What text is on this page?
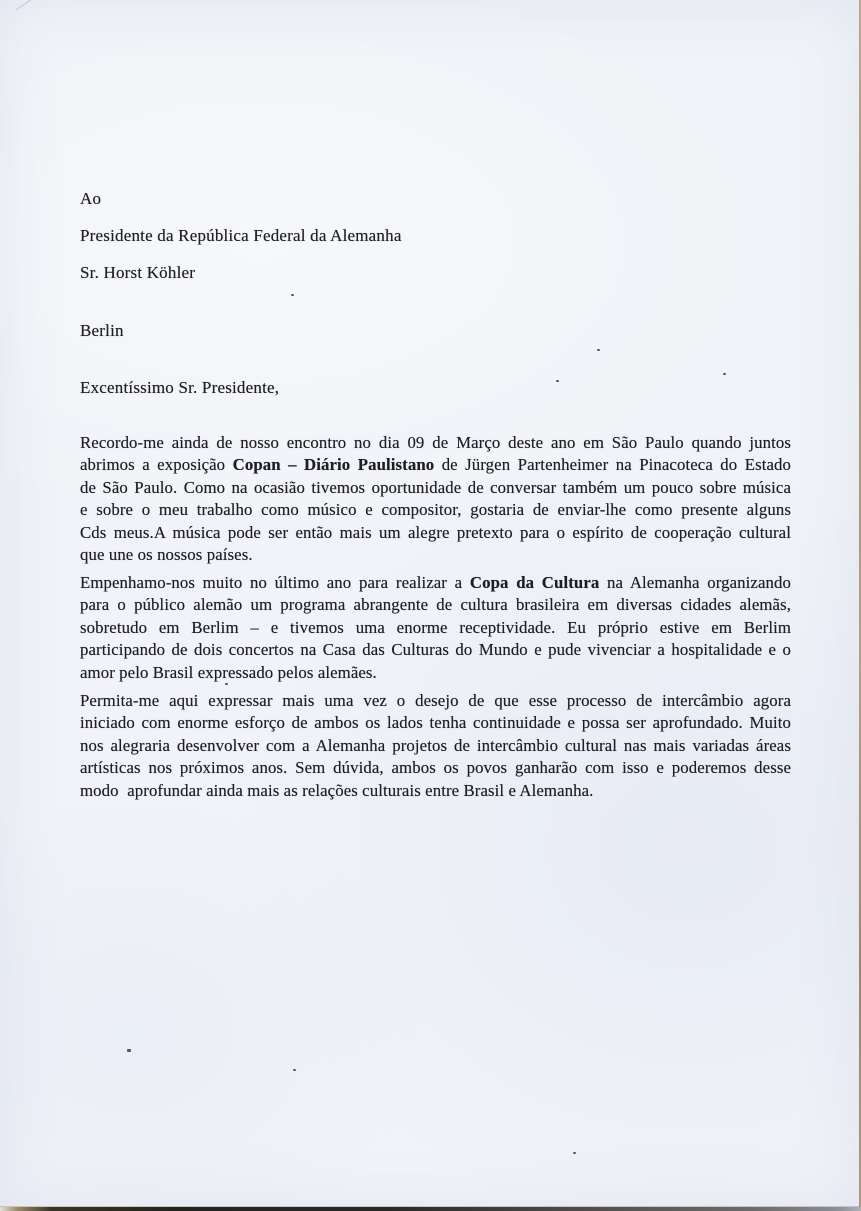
Ao
Presidente da República Federal da Alemanha
Sr. Horst Köhler
Berlin
Excentíssimo Sr. Presidente,
Recordo-me ainda de nosso encontro no dia 09 de Março deste ano em São Paulo quando juntos
abrimos a exposição Copan – Diário Paulistano de Jürgen Partenheimer na Pinacoteca do Estado
de São Paulo. Como na ocasião tivemos oportunidade de conversar também um pouco sobre música
e sobre o meu trabalho como músico e compositor, gostaria de enviar-lhe como presente alguns
Cds meus.A música pode ser então mais um alegre pretexto para o espírito de cooperação cultural
que une os nossos países.
Empenhamo-nos muito no último ano para realizar a Copa da Cultura na Alemanha organizando
para o público alemão um programa abrangente de cultura brasileira em diversas cidades alemãs,
sobretudo em Berlim – e tivemos uma enorme receptividade. Eu próprio estive em Berlim
participando de dois concertos na Casa das Culturas do Mundo e pude vivenciar a hospitalidade e o
amor pelo Brasil expressado pelos alemães.
Permita-me aqui expressar mais uma vez o desejo de que esse processo de intercâmbio agora
iniciado com enorme esforço de ambos os lados tenha continuidade e possa ser aprofundado. Muito
nos alegraria desenvolver com a Alemanha projetos de intercâmbio cultural nas mais variadas áreas
artísticas nos próximos anos. Sem dúvida, ambos os povos ganharão com isso e poderemos desse
modo  aprofundar ainda mais as relações culturais entre Brasil e Alemanha.
